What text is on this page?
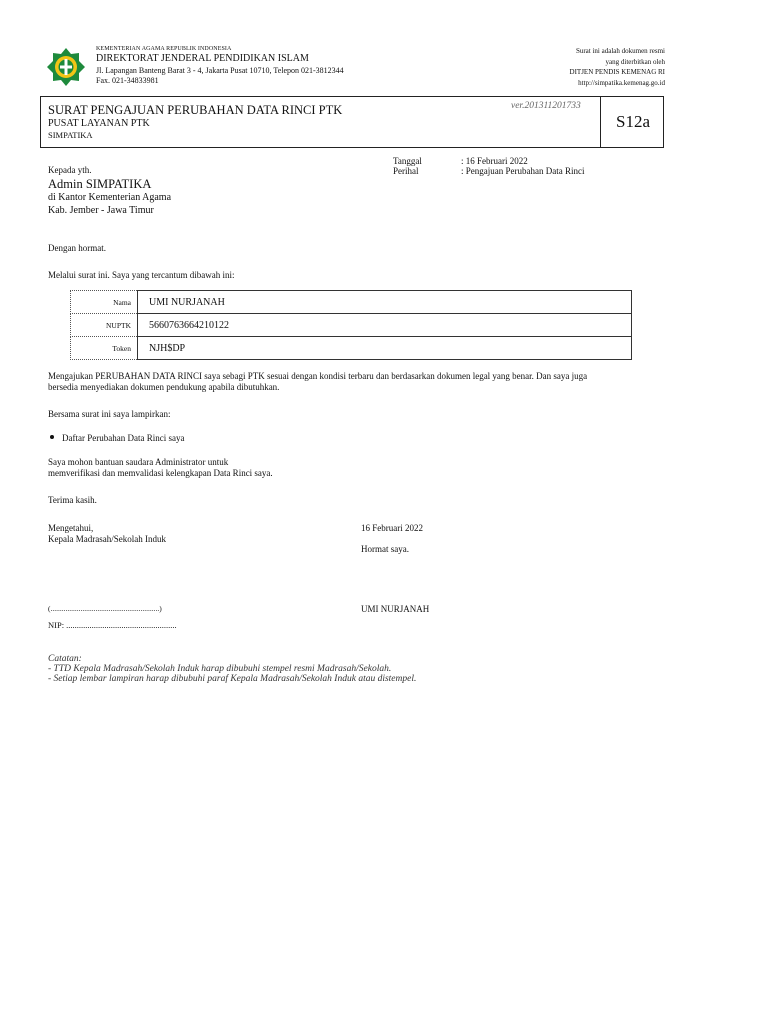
KEMENTERIAN AGAMA REPUBLIK INDONESIA
DIREKTORAT JENDERAL PENDIDIKAN ISLAM
Jl. Lapangan Banteng Barat 3 - 4, Jakarta Pusat 10710, Telepon 021-3812344
Fax. 021-34833981
Surat ini adalah dokumen resmi
yang diterbitkan oleh
DITJEN PENDIS KEMENAG RI
http://simpatika.kemenag.go.id
SURAT PENGAJUAN PERUBAHAN DATA RINCI PTK
PUSAT LAYANAN PTK
SIMPATIKA
ver.201311201733
S12a
Tanggal	: 16 Februari 2022
Perihal	: Pengajuan Perubahan Data Rinci
Kepada yth.
Admin SIMPATIKA
di Kantor Kementerian Agama
Kab. Jember - Jawa Timur
Dengan hormat.
Melalui surat ini. Saya yang tercantum dibawah ini:
Nama	UMI NURJANAH
NUPTK	5660763664210122
Token	NJH$DP
Mengajukan PERUBAHAN DATA RINCI saya sebagi PTK sesuai dengan kondisi terbaru dan berdasarkan dokumen legal yang benar. Dan saya juga
bersedia menyediakan dokumen pendukung apabila dibutuhkan.
Bersama surat ini saya lampirkan:
Daftar Perubahan Data Rinci saya
Saya mohon bantuan saudara Administrator untuk
memverifikasi dan memvalidasi kelengkapan Data Rinci saya.
Terima kasih.
Mengetahui,
Kepala Madrasah/Sekolah Induk
16 Februari 2022
Hormat saya.
(..........................................................)
NIP: ....................................................
UMI NURJANAH
Catatan:
- TTD Kepala Madrasah/Sekolah Induk harap dibubuhi stempel resmi Madrasah/Sekolah.
- Setiap lembar lampiran harap dibubuhi paraf Kepala Madrasah/Sekolah Induk atau distempel.
